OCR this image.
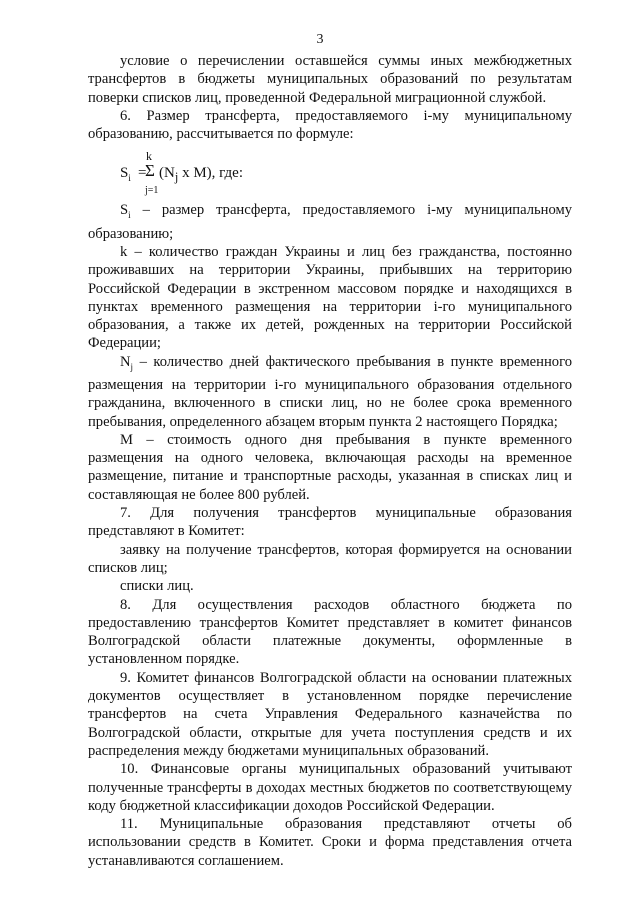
3

условие о перечислении оставшейся суммы иных межбюджетных трансфертов в бюджеты муниципальных образований по результатам поверки списков лиц, проведенной Федеральной миграционной службой.

6. Размер трансферта, предоставляемого i-му муниципальному образованию, рассчитывается по формуле:

$S_i$ =
k
Σ
j=1
($N_j$ x M), где:

$S_i$ – размер трансферта, предоставляемого i-му муниципальному образованию;

k – количество граждан Украины и лиц без гражданства, постоянно проживавших на территории Украины, прибывших на территорию Российской Федерации в экстренном массовом порядке и находящихся в пунктах временного размещения на территории i-го муниципального образования, а также их детей, рожденных на территории Российской Федерации;

$N_j$ – количество дней фактического пребывания в пункте временного размещения на территории i-го муниципального образования отдельного гражданина, включенного в списки лиц, но не более срока временного пребывания, определенного абзацем вторым пункта 2 настоящего Порядка;

М – стоимость одного дня пребывания в пункте временного размещения на одного человека, включающая расходы на временное размещение, питание и транспортные расходы, указанная в списках лиц и составляющая не более 800 рублей.

7. Для получения трансфертов муниципальные образования представляют в Комитет:

заявку на получение трансфертов, которая формируется на основании списков лиц;

списки лиц.

8. Для осуществления расходов областного бюджета по предоставлению трансфертов Комитет представляет в комитет финансов Волгоградской области платежные документы, оформленные в установленном порядке.

9. Комитет финансов Волгоградской области на основании платежных документов осуществляет в установленном порядке перечисление трансфертов на счета Управления Федерального казначейства по Волгоградской области, открытые для учета поступления средств и их распределения между бюджетами муниципальных образований.

10. Финансовые органы муниципальных образований учитывают полученные трансферты в доходах местных бюджетов по соответствующему коду бюджетной классификации доходов Российской Федерации.

11. Муниципальные образования представляют отчеты об использовании средств в Комитет. Сроки и форма представления отчета устанавливаются соглашением.
